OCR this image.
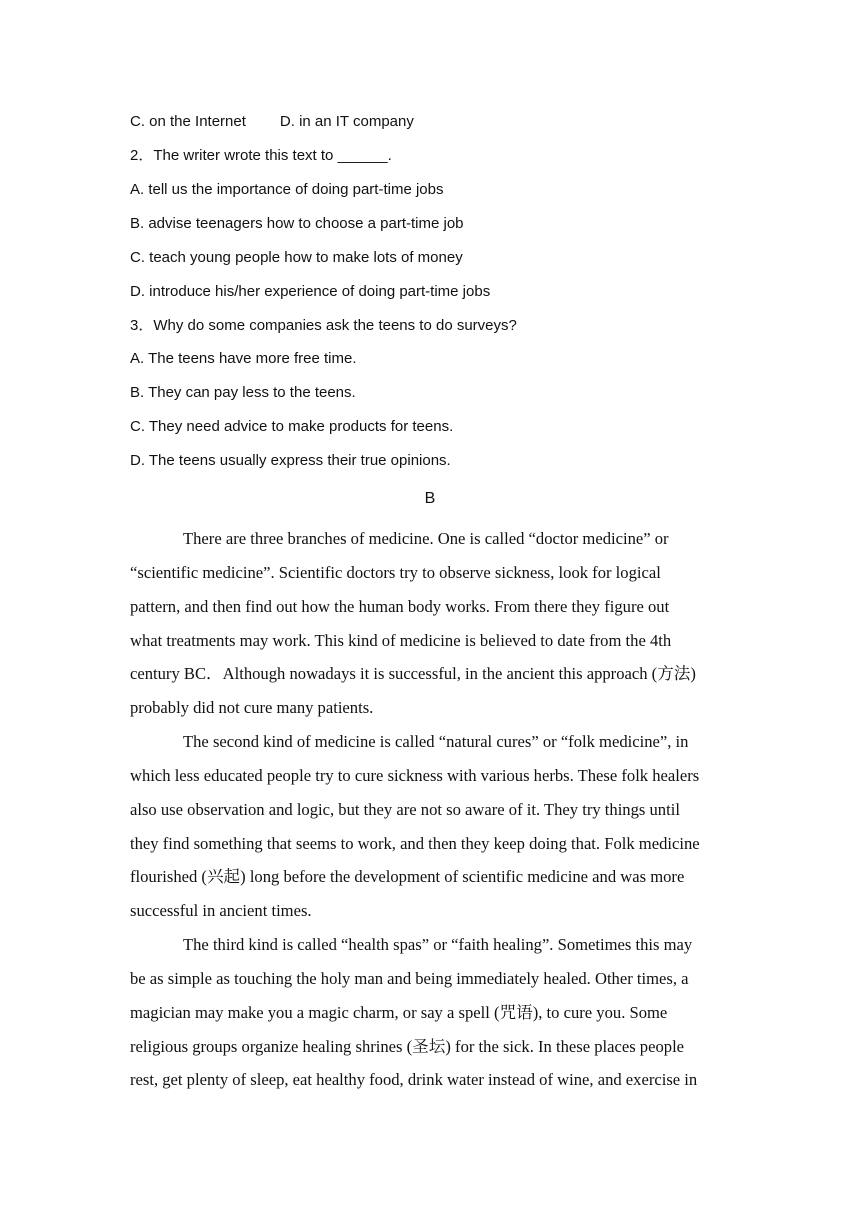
C. on the Internet D. in an IT company
2．The writer wrote this text to ______.
A. tell us the importance of doing part-time jobs
B. advise teenagers how to choose a part-time job
C. teach young people how to make lots of money
D. introduce his/her experience of doing part-time jobs
3．Why do some companies ask the teens to do surveys?
A. The teens have more free time.
B. They can pay less to the teens.
C. They need advice to make products for teens.
D. The teens usually express their true opinions.
B
There are three branches of medicine. One is called “doctor medicine” or
“scientific medicine”. Scientific doctors try to observe sickness, look for logical
pattern, and then find out how the human body works. From there they figure out
what treatments may work. This kind of medicine is believed to date from the 4th
century BC．Although nowadays it is successful, in the ancient this approach (方法)
probably did not cure many patients.
The second kind of medicine is called “natural cures” or “folk medicine”, in
which less educated people try to cure sickness with various herbs. These folk healers
also use observation and logic, but they are not so aware of it. They try things until
they find something that seems to work, and then they keep doing that. Folk medicine
flourished (兴起) long before the development of scientific medicine and was more
successful in ancient times.
The third kind is called “health spas” or “faith healing”. Sometimes this may
be as simple as touching the holy man and being immediately healed. Other times, a
magician may make you a magic charm, or say a spell (咒语), to cure you. Some
religious groups organize healing shrines (圣坛) for the sick. In these places people
rest, get plenty of sleep, eat healthy food, drink water instead of wine, and exercise in
